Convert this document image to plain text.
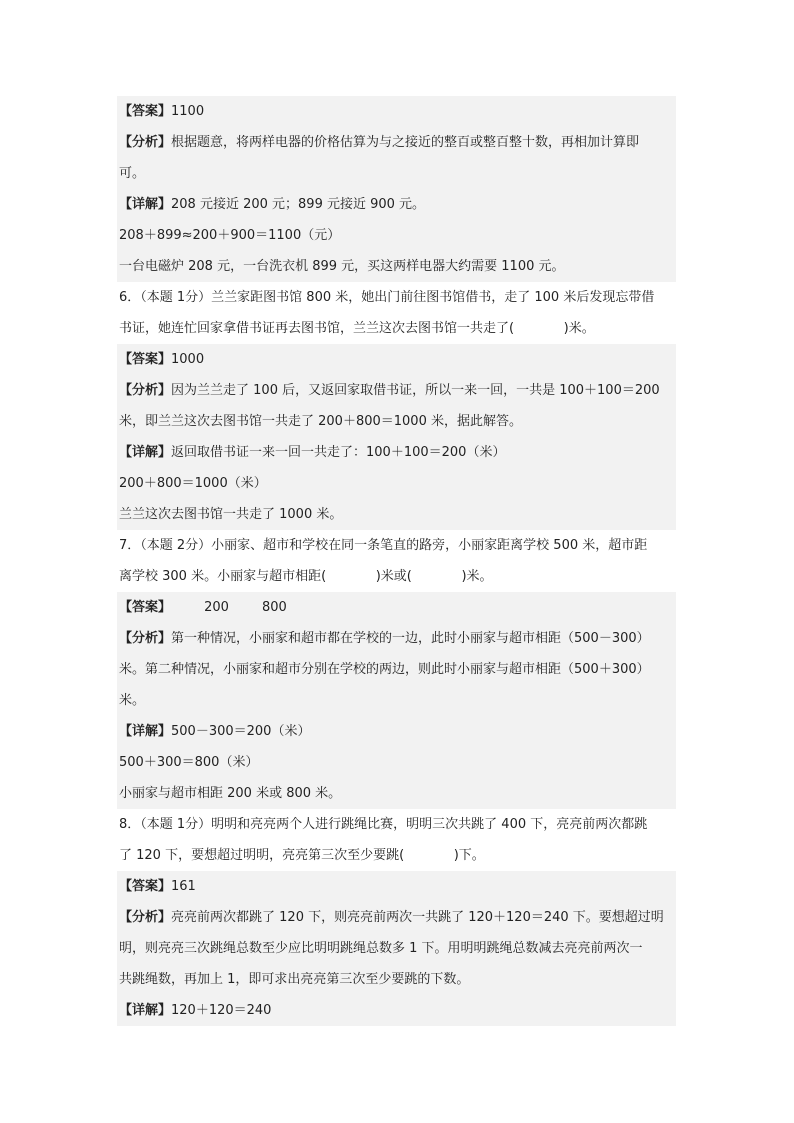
【答案】1100
【分析】根据题意，将两样电器的价格估算为与之接近的整百或整百整十数，再相加计算即
可。
【详解】208 元接近 200 元；899 元接近 900 元。
208＋899≈200＋900＝1100（元）
一台电磁炉 208 元，一台洗衣机 899 元，买这两样电器大约需要 1100 元。
6．（本题 1分）兰兰家距图书馆 800 米，她出门前往图书馆借书，走了 100 米后发现忘带借
书证，她连忙回家拿借书证再去图书馆，兰兰这次去图书馆一共走了(            )米。
【答案】1000
【分析】因为兰兰走了 100 后，又返回家取借书证，所以一来一回，一共是 100＋100＝200
米，即兰兰这次去图书馆一共走了 200＋800＝1000 米，据此解答。
【详解】返回取借书证一来一回一共走了：100＋100＝200（米）
200＋800＝1000（米）
兰兰这次去图书馆一共走了 1000 米。
7．（本题 2分）小丽家、超市和学校在同一条笔直的路旁，小丽家距离学校 500 米，超市距
离学校 300 米。小丽家与超市相距(            )米或(            )米。
【答案】        200        800
【分析】第一种情况，小丽家和超市都在学校的一边，此时小丽家与超市相距（500－300）
米。第二种情况，小丽家和超市分别在学校的两边，则此时小丽家与超市相距（500＋300）
米。
【详解】500－300＝200（米）
500＋300＝800（米）
小丽家与超市相距 200 米或 800 米。
8．（本题 1分）明明和亮亮两个人进行跳绳比赛，明明三次共跳了 400 下，亮亮前两次都跳
了 120 下，要想超过明明，亮亮第三次至少要跳(            )下。
【答案】161
【分析】亮亮前两次都跳了 120 下，则亮亮前两次一共跳了 120＋120＝240 下。要想超过明
明，则亮亮三次跳绳总数至少应比明明跳绳总数多 1 下。用明明跳绳总数减去亮亮前两次一
共跳绳数，再加上 1，即可求出亮亮第三次至少要跳的下数。
【详解】120＋120＝240
